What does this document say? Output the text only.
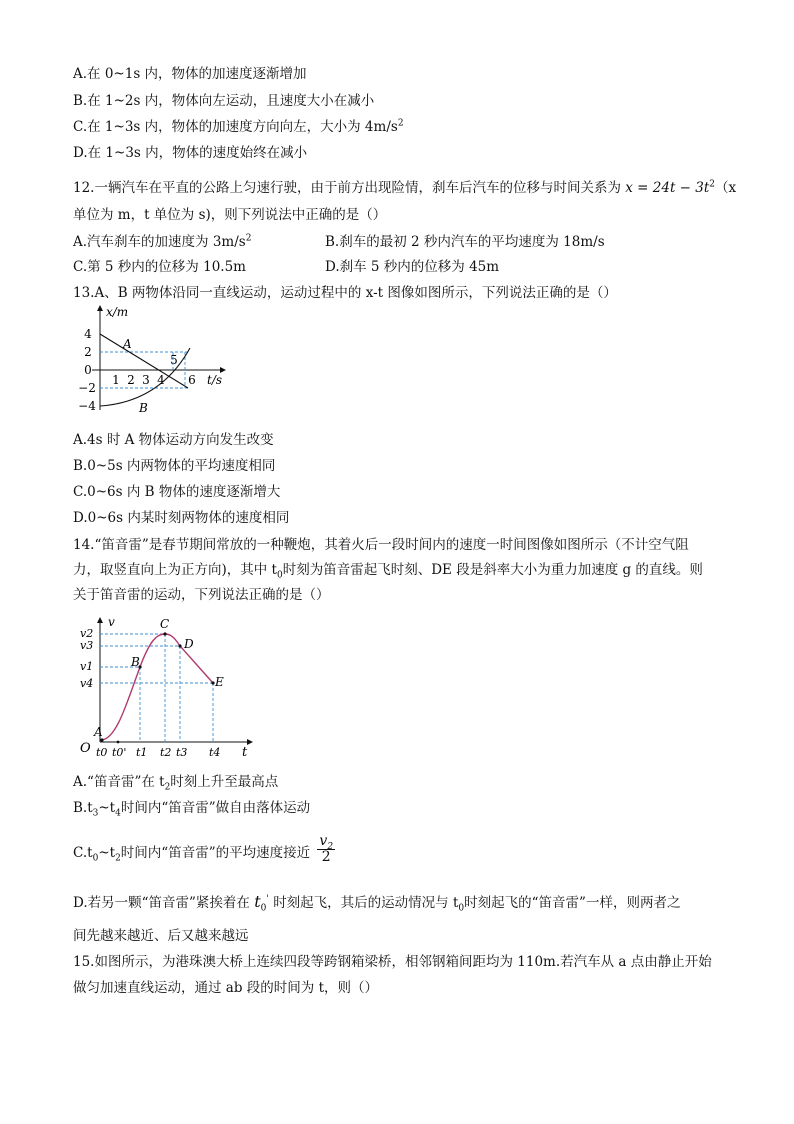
A.在 0~1s 内，物体的加速度逐渐增加
B.在 1~2s 内，物体向左运动，且速度大小在减小
C.在 1~3s 内，物体的加速度方向向左，大小为 $4m/s^2$
D.在 1~3s 内，物体的速度始终在减小
12.一辆汽车在平直的公路上匀速行驶，由于前方出现险情，刹车后汽车的位移与时间关系为 $x = 24t - 3t^2(x$
单位为 m，t 单位为 s)，则下列说法中正确的是（）
A.汽车刹车的加速度为 $3m/s^2$	B.刹车的最初 2 秒内汽车的平均速度为 18m/s
C.第 5 秒内的位移为 10.5m	D.刹车 5 秒内的位移为 45m
13.A、B 两物体沿同一直线运动，运动过程中的 x-t 图像如图所示，下列说法正确的是（）
x/m
t/s
4
2
0
−2
−4
1 2 3 4
5
6
A
B
A.4s 时 A 物体运动方向发生改变
B.0~5s 内两物体的平均速度相同
C.0~6s 内 B 物体的速度逐渐增大
D.0~6s 内某时刻两物体的速度相同
14.“笛音雷”是春节期间常放的一种鞭炮，其着火后一段时间内的速度一时间图像如图所示（不计空气阻
力，取竖直向上为正方向)，其中 $t_0$时刻为笛音雷起飞时刻、DE 段是斜率大小为重力加速度 g 的直线。则
关于笛音雷的运动，下列说法正确的是（）
v
t
O
v2
v3
v1
v4
t0 t0' t1 t2 t3 t4
A
B
C
D
E
A.“笛音雷”在 $t_2$时刻上升至最高点
$B.t_3\sim t_4$时间内“笛音雷”做自由落体运动
$C.t_0\sim t_2$时间内“笛音雷”的平均速度接近 $\frac{v_2}{2}$
D.若另一颗“笛音雷”紧挨着在 $t_0'$ 时刻起飞，其后的运动情况与 $t_0$时刻起飞的“笛音雷”一样，则两者之
间先越来越近、后又越来越远
15.如图所示，为港珠澳大桥上连续四段等跨钢箱梁桥，相邻钢箱间距均为 110m.若汽车从 a 点由静止开始
做匀加速直线运动，通过 ab 段的时间为 t，则（）
